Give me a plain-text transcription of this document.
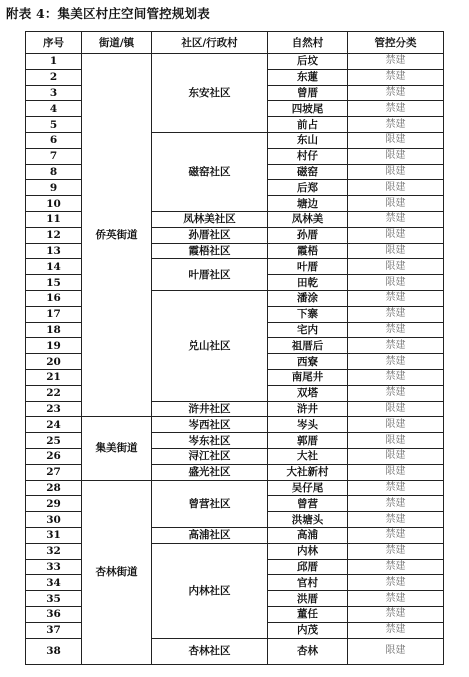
附表 4：集美区村庄空间管控规划表
序号	街道/镇	社区/行政村	自然村	管控分类
1	侨英街道	东安社区	后坟	禁建
2			东蓮	禁建
3			曾厝	禁建
4			四坡尾	禁建
5			前占	禁建
6		磁窑社区	东山	限建
7			村仔	限建
8			磁窑	限建
9			后郑	限建
10			塘边	限建
11		凤林美社区	凤林美	禁建
12		孙厝社区	孙厝	限建
13		霞梧社区	霞梧	限建
14		叶厝社区	叶厝	限建
15			田乾	限建
16		兑山社区	潘涂	禁建
17			下寨	禁建
18			宅内	禁建
19			祖厝后	禁建
20			西寮	禁建
21			南尾井	禁建
22			双塔	禁建
23		浒井社区	浒井	限建
24	集美街道	岑西社区	岑头	限建
25		岑东社区	郭厝	限建
26		浔江社区	大社	限建
27		盛光社区	大社新村	限建
28	杏林街道	曾营社区	吴仔尾	禁建
29			曾营	禁建
30			洪塘头	禁建
31		高浦社区	高浦	禁建
32		内林社区	内林	禁建
33			邱厝	禁建
34			官村	禁建
35			洪厝	禁建
36			董任	禁建
37			内茂	禁建
38		杏林社区	杏林	限建
